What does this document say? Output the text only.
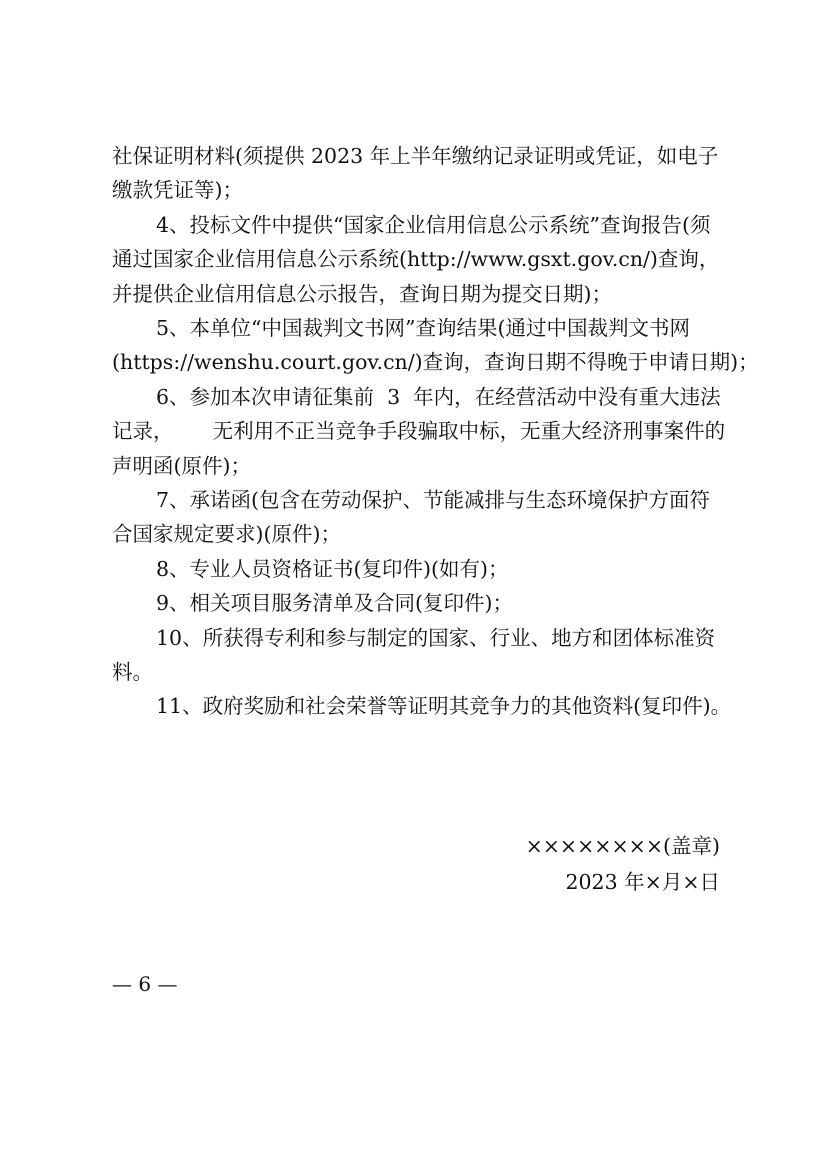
社保证明材料(须提供 2023 年上半年缴纳记录证明或凭证，如电子
缴款凭证等)；
4、投标文件中提供“国家企业信用信息公示系统”查询报告(须
通过国家企业信用信息公示系统(http://www.gsxt.gov.cn/)查询，
并提供企业信用信息公示报告，查询日期为提交日期)；
5、本单位“中国裁判文书网”查询结果(通过中国裁判文书网
(https://wenshu.court.gov.cn/)查询，查询日期不得晚于申请日期)；
6、参加本次申请征集前  3  年内，在经营活动中没有重大违法
记录，      无利用不正当竞争手段骗取中标，无重大经济刑事案件的
声明函(原件)；
7、承诺函(包含在劳动保护、节能减排与生态环境保护方面符
合国家规定要求)(原件)；
8、专业人员资格证书(复印件)(如有)；
9、相关项目服务清单及合同(复印件)；
10、所获得专利和参与制定的国家、行业、地方和团体标准资
料。
11、政府奖励和社会荣誉等证明其竞争力的其他资料(复印件)。
××××××××(盖章)
2023 年×月×日
— 6 —
